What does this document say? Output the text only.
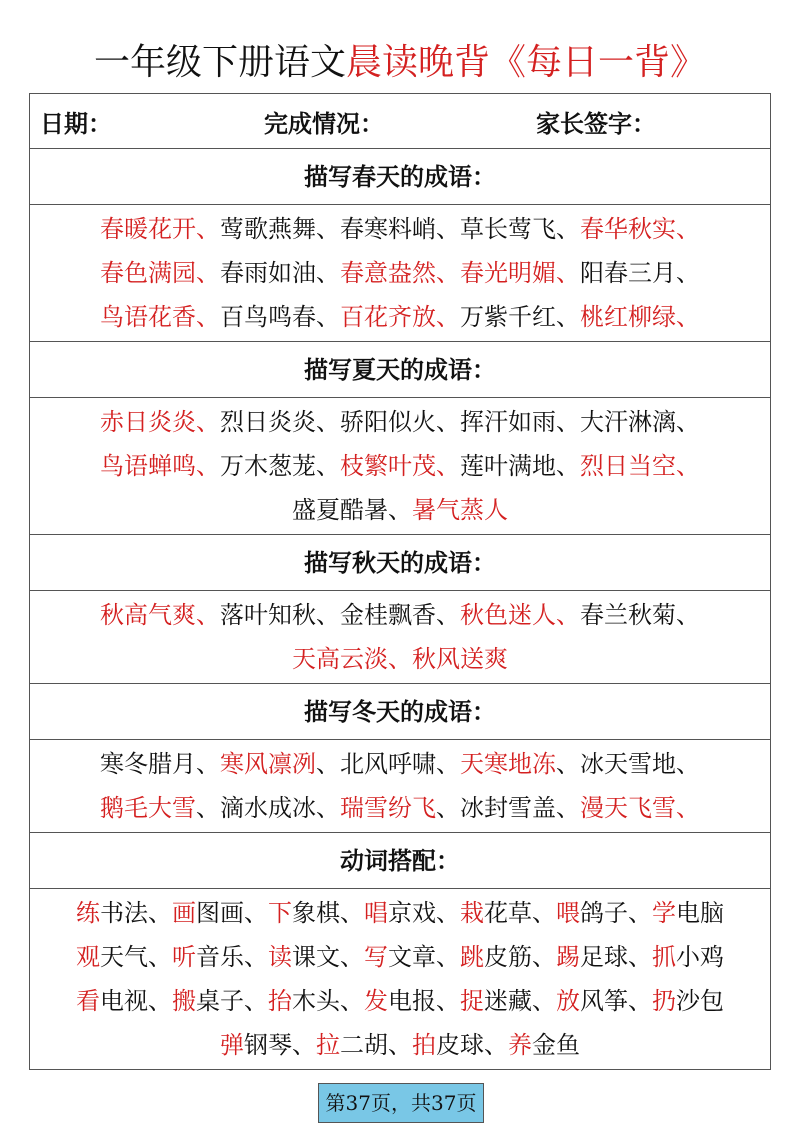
一年级下册语文晨读晚背《每日一背》
日期：	完成情况：	家长签字：
描写春天的成语：
春暖花开、莺歌燕舞、春寒料峭、草长莺飞、春华秋实、
春色满园、春雨如油、春意盎然、春光明媚、阳春三月、
鸟语花香、百鸟鸣春、百花齐放、万紫千红、桃红柳绿、
描写夏天的成语：
赤日炎炎、烈日炎炎、骄阳似火、挥汗如雨、大汗淋漓、
鸟语蝉鸣、万木葱茏、枝繁叶茂、莲叶满地、烈日当空、
盛夏酷暑、暑气蒸人
描写秋天的成语：
秋高气爽、落叶知秋、金桂飘香、秋色迷人、春兰秋菊、
天高云淡、秋风送爽
描写冬天的成语：
寒冬腊月、寒风凛冽、北风呼啸、天寒地冻、冰天雪地、
鹅毛大雪、滴水成冰、瑞雪纷飞、冰封雪盖、漫天飞雪、
动词搭配：
练书法、画图画、下象棋、唱京戏、栽花草、喂鸽子、学电脑
观天气、听音乐、读课文、写文章、跳皮筋、踢足球、抓小鸡
看电视、搬桌子、抬木头、发电报、捉迷藏、放风筝、扔沙包
弹钢琴、拉二胡、拍皮球、养金鱼
第37页，共37页
